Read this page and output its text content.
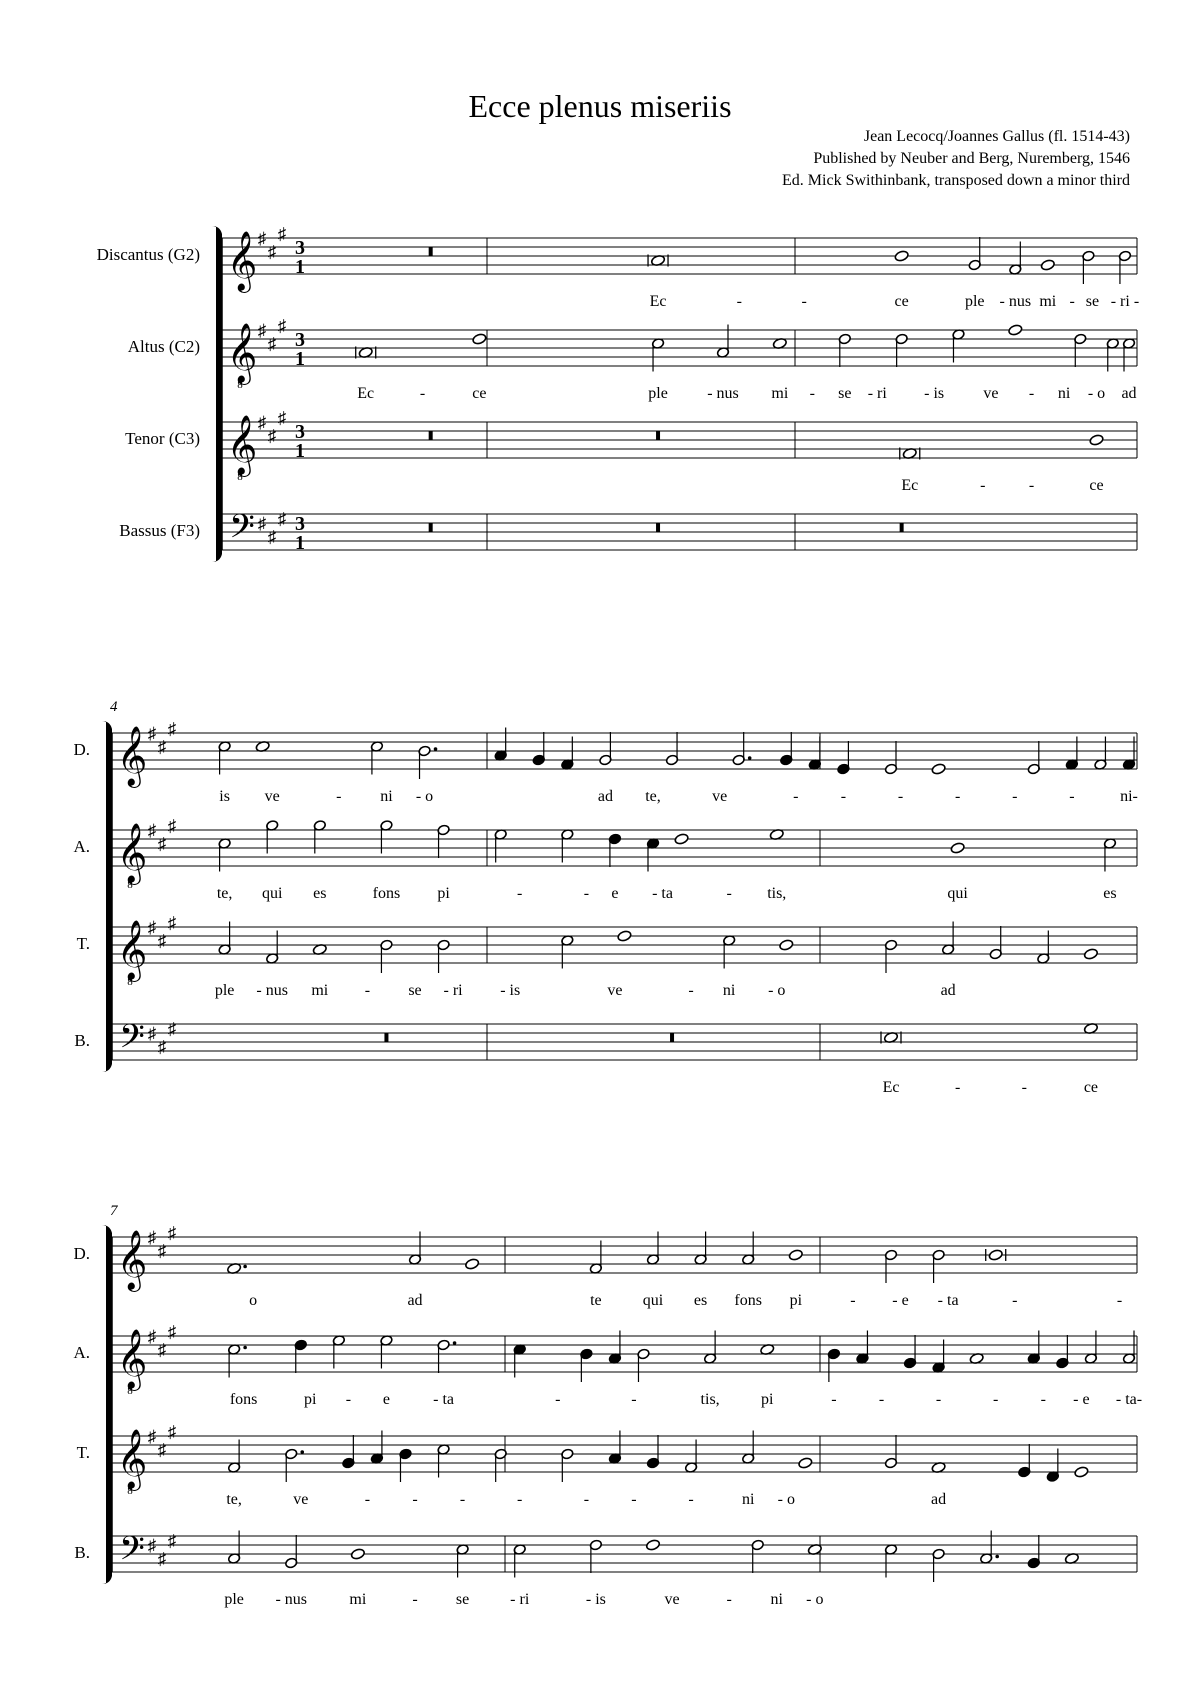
Ecce plenus miseriis
Jean Lecocq/Joannes Gallus (fl. 1514-43)
Published by Neuber and Berg, Nuremberg, 1546
Ed. Mick Swithinbank, transposed down a minor third
Discantus (G2) 𝄞 ♯
♯
♯
3
1
Ec	-	-	ce	ple - nus mi - se - ri -
Altus (C2) 𝄞
8
♯
♯
♯
3
1
Ec	-	ce	ple - nus mi - se - ri - is ve - ni - o ad
Tenor (C3) 𝄞
8
♯
♯
♯
3
1
Ec	-	-	ce
Bassus (F3) 𝄢 ♯
♯
♯ 3
1
4
D. 𝄞 ♯
♯
♯
is ve	- ni - o	ad te,	ve	-	-	-	-	-	-	ni-
A. 𝄞
8
♯
♯
♯
te, qui es	fons pi	-	- e - ta	- tis,	qui	es
T. 𝄞
8
♯
♯
♯
ple - nus mi - se - ri - is	ve	- ni - o	ad
B. 𝄢 ♯
♯
♯
Ec	-	-	ce
7
D. 𝄞 ♯
♯
♯
o	ad	te	qui es fons pi	- - e - ta	-	-
A. 𝄞
8
♯
♯
♯
fons	pi - e	- ta	-	-	tis,	pi	-	-	-	-	- - e - ta-
T. 𝄞
8
♯
♯
♯
te,	ve	-	-	-	-	-	-	-	ni - o	ad
B. 𝄢 ♯
♯
♯
ple - nus	mi	- se	- ri	- is	ve	- ni - o
